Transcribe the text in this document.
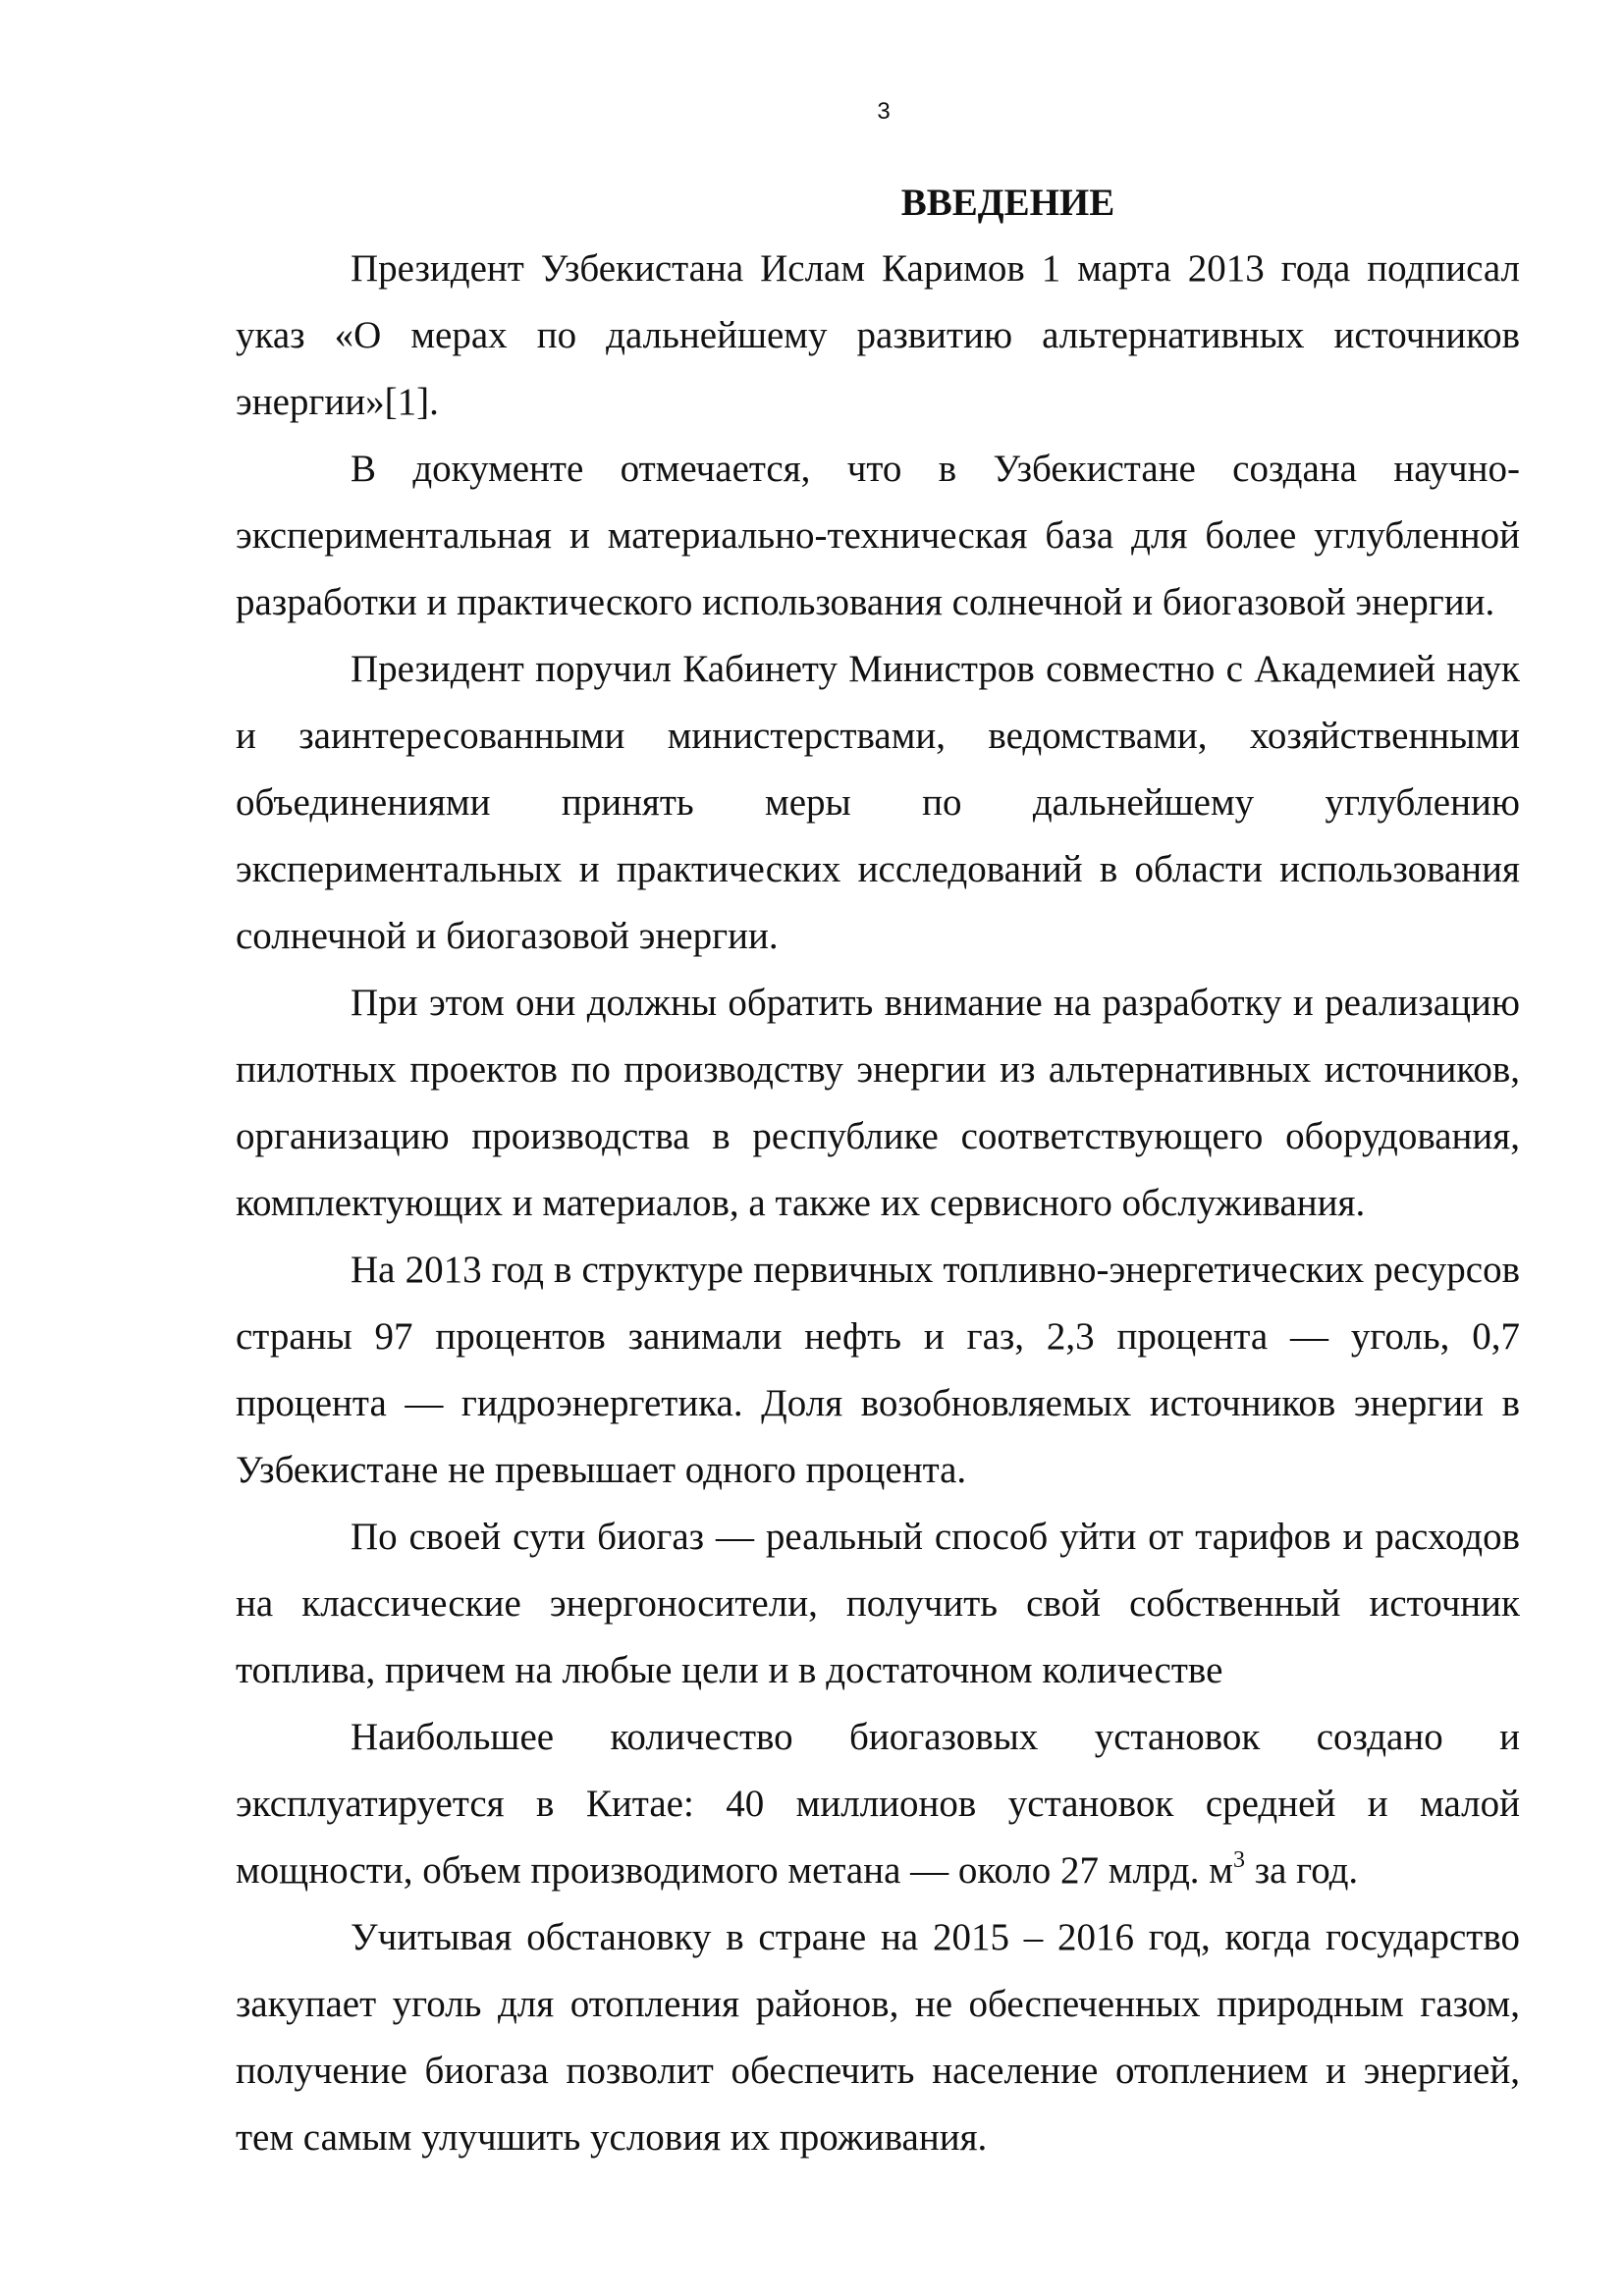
3
ВВЕДЕНИЕ

Президент Узбекистана Ислам Каримов 1 марта 2013 года подписал указ «О мерах по дальнейшему развитию альтернативных источников энергии»[1].

В документе отмечается, что в Узбекистане создана научно-экспериментальная и материально-техническая база для более углубленной разработки и практического использования солнечной и биогазовой энергии.

Президент поручил Кабинету Министров совместно с Академией наук и заинтересованными министерствами, ведомствами, хозяйственными объединениями принять меры по дальнейшему углублению экспериментальных и практических исследований в области использования солнечной и биогазовой энергии.

При этом они должны обратить внимание на разработку и реализацию пилотных проектов по производству энергии из альтернативных источников, организацию производства в республике соответствующего оборудования, комплектующих и материалов, а также их сервисного обслуживания.

На 2013 год в структуре первичных топливно-энергетических ресурсов страны 97 процентов занимали нефть и газ, 2,3 процента — уголь, 0,7 процента — гидроэнергетика. Доля возобновляемых источников энергии в Узбекистане не превышает одного процента.

По своей сути биогаз — реальный способ уйти от тарифов и расходов на классические энергоносители, получить свой собственный источник топлива, причем на любые цели и в достаточном количестве

Наибольшее количество биогазовых установок создано и эксплуатируется в Китае: 40 миллионов установок средней и малой мощности, объем производимого метана — около 27 млрд. $м^3$ за год.

Учитывая обстановку в стране на 2015 – 2016 год, когда государство закупает уголь для отопления районов, не обеспеченных природным газом, получение биогаза позволит обеспечить население отоплением и энергией, тем самым улучшить условия их проживания.
